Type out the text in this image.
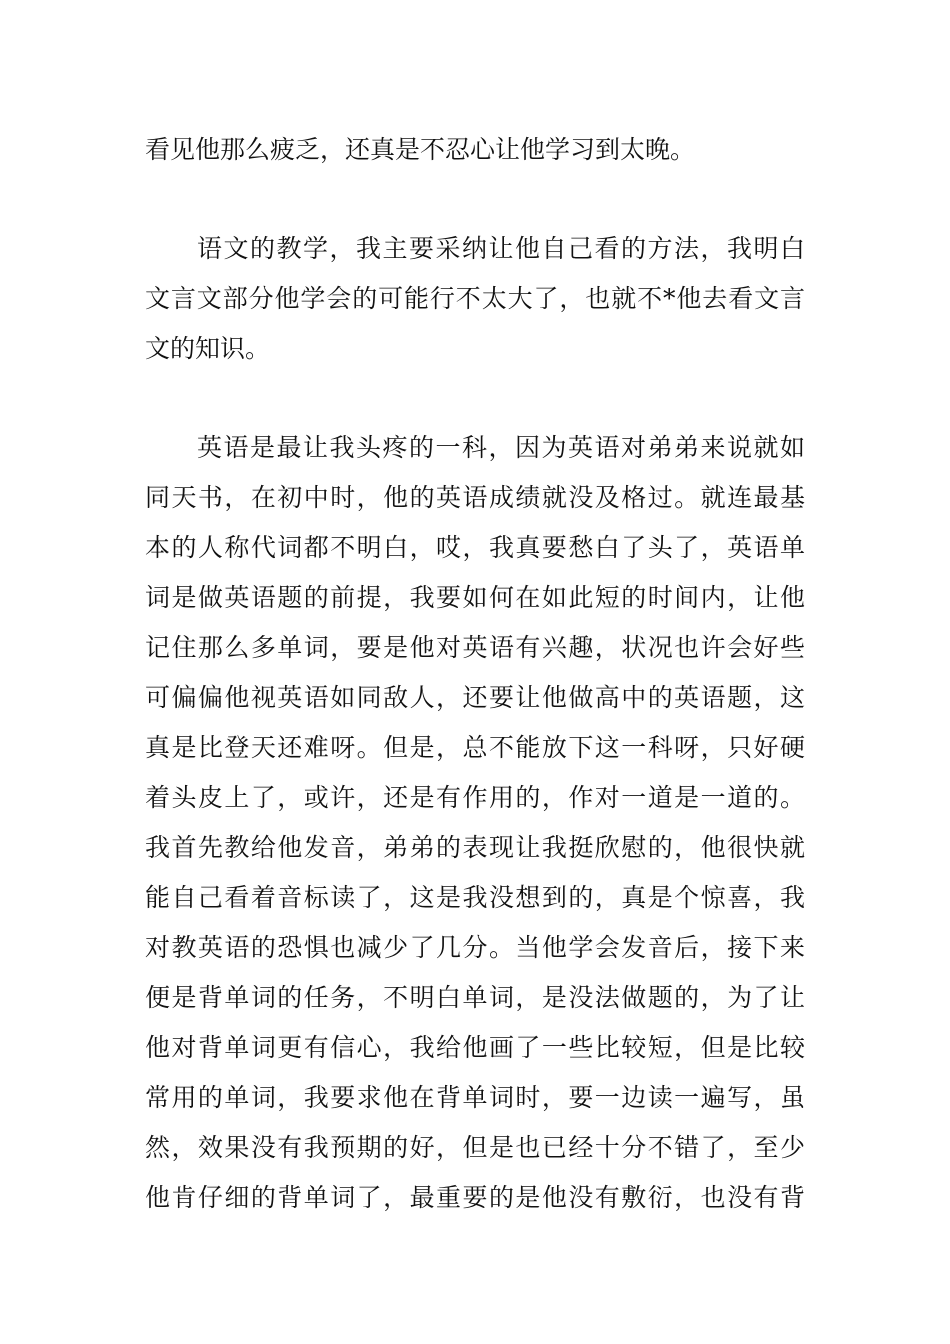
看见他那么疲乏，还真是不忍心让他学习到太晚。
语文的教学，我主要采纳让他自己看的方法，我明白
文言文部分他学会的可能行不太大了，也就不*他去看文言
文的知识。
英语是最让我头疼的一科，因为英语对弟弟来说就如
同天书，在初中时，他的英语成绩就没及格过。就连最基
本的人称代词都不明白，哎，我真要愁白了头了，英语单
词是做英语题的前提，我要如何在如此短的时间内，让他
记住那么多单词，要是他对英语有兴趣，状况也许会好些
可偏偏他视英语如同敌人，还要让他做高中的英语题，这
真是比登天还难呀。但是，总不能放下这一科呀，只好硬
着头皮上了，或许，还是有作用的，作对一道是一道的。
我首先教给他发音，弟弟的表现让我挺欣慰的，他很快就
能自己看着音标读了，这是我没想到的，真是个惊喜，我
对教英语的恐惧也减少了几分。当他学会发音后，接下来
便是背单词的任务，不明白单词，是没法做题的，为了让
他对背单词更有信心，我给他画了一些比较短，但是比较
常用的单词，我要求他在背单词时，要一边读一遍写，虽
然，效果没有我预期的好，但是也已经十分不错了，至少
他肯仔细的背单词了，最重要的是他没有敷衍，也没有背
